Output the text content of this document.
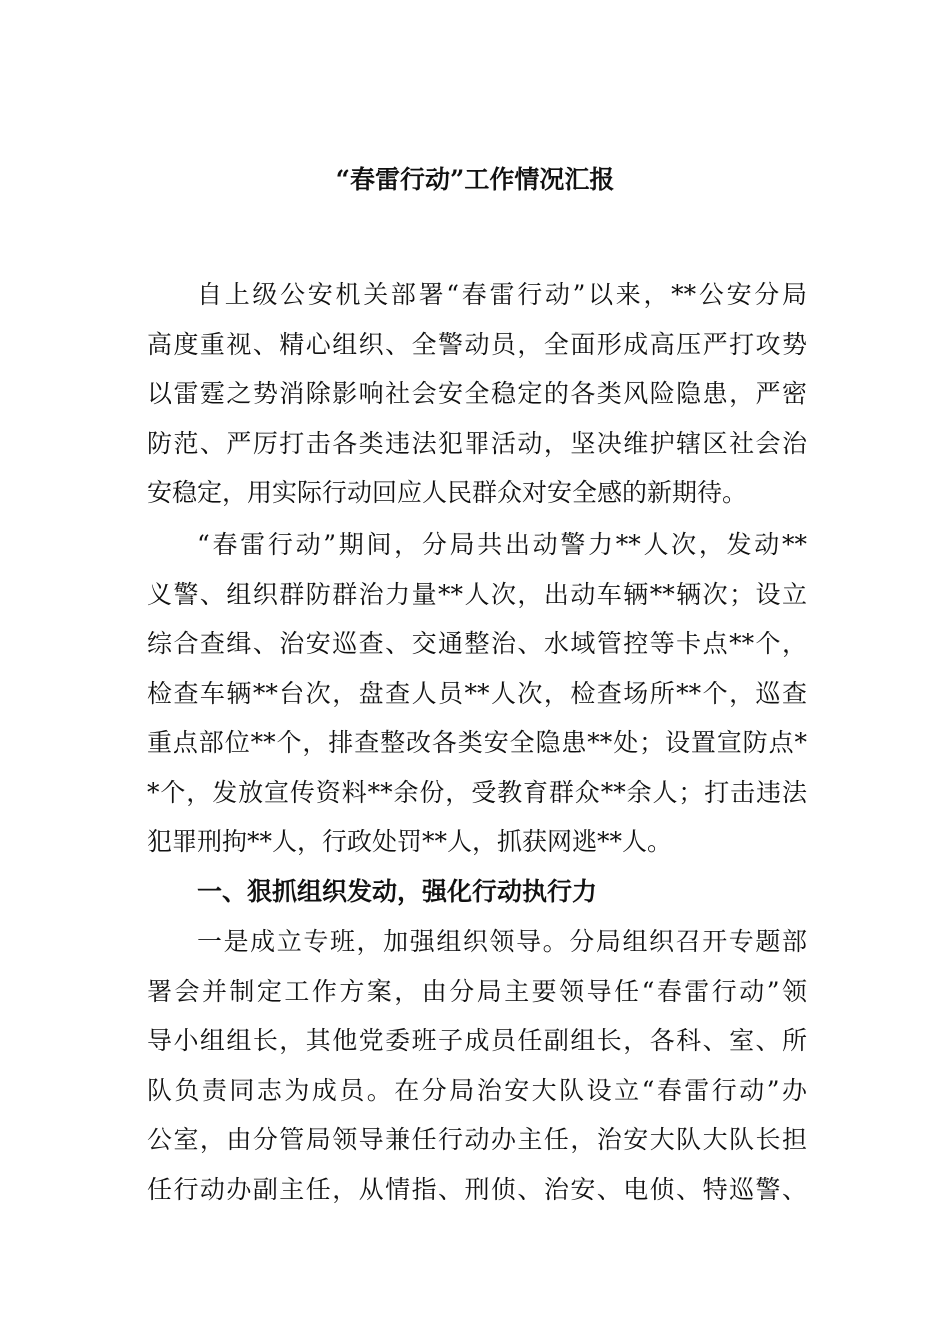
“春雷行动”工作情况汇报
自上级公安机关部署“春雷行动”以来，**公安分局
高度重视、精心组织、全警动员，全面形成高压严打攻势
以雷霆之势消除影响社会安全稳定的各类风险隐患，严密
防范、严厉打击各类违法犯罪活动，坚决维护辖区社会治
安稳定，用实际行动回应人民群众对安全感的新期待。
“春雷行动”期间，分局共出动警力**人次，发动**
义警、组织群防群治力量**人次，出动车辆**辆次；设立
综合查缉、治安巡查、交通整治、水域管控等卡点**个，
检查车辆**台次，盘查人员**人次，检查场所**个，巡查
重点部位**个，排查整改各类安全隐患**处；设置宣防点*
*个，发放宣传资料**余份，受教育群众**余人；打击违法
犯罪刑拘**人，行政处罚**人，抓获网逃**人。
一、狠抓组织发动，强化行动执行力
一是成立专班，加强组织领导。分局组织召开专题部
署会并制定工作方案，由分局主要领导任“春雷行动”领
导小组组长，其他党委班子成员任副组长，各科、室、所
队负责同志为成员。在分局治安大队设立“春雷行动”办
公室，由分管局领导兼任行动办主任，治安大队大队长担
任行动办副主任，从情指、刑侦、治安、电侦、特巡警、
